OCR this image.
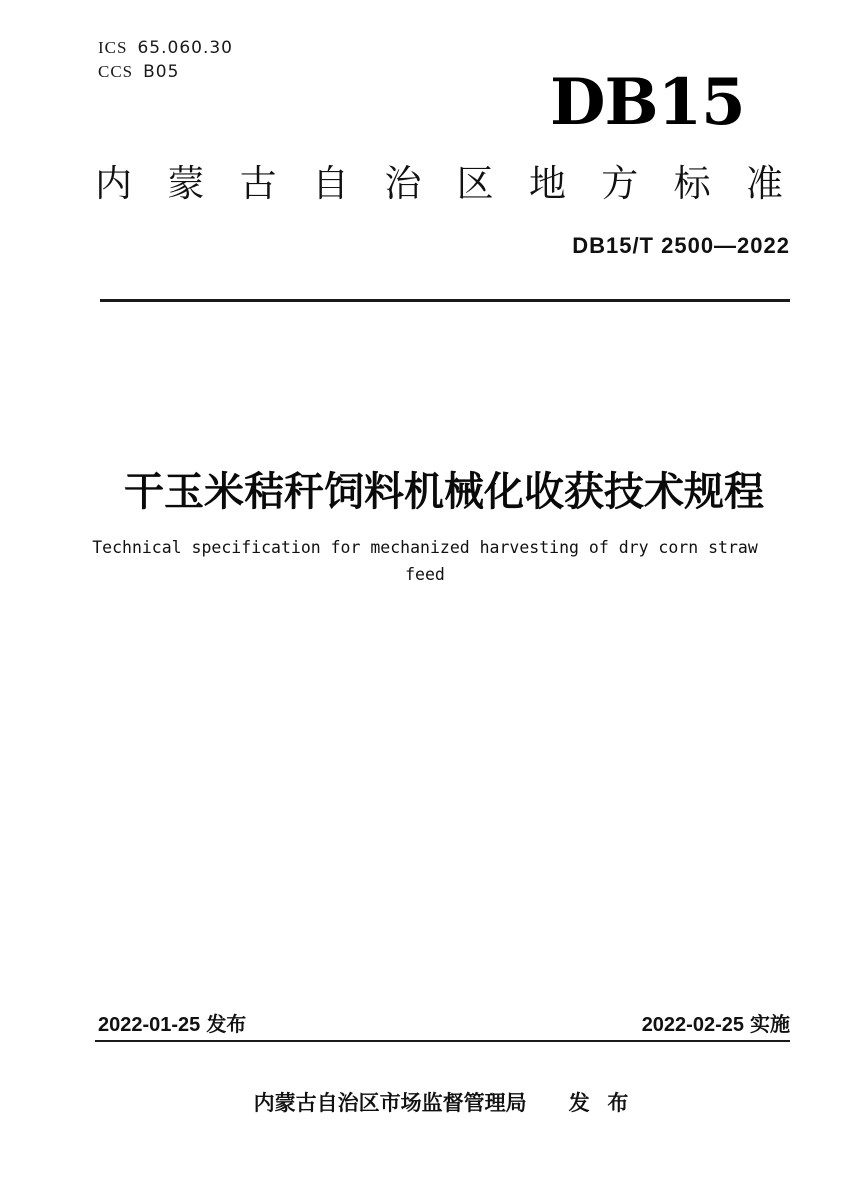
ICS 65.060.30
CCS B05	DB15
内 蒙 古 自 治 区 地 方 标 准
DB15/T 2500—2022
干玉米秸秆饲料机械化收获技术规程
Technical specification for mechanized harvesting of dry corn straw feed
2022-01-25 发布	2022-02-25 实施
内蒙古自治区市场监督管理局 发 布
